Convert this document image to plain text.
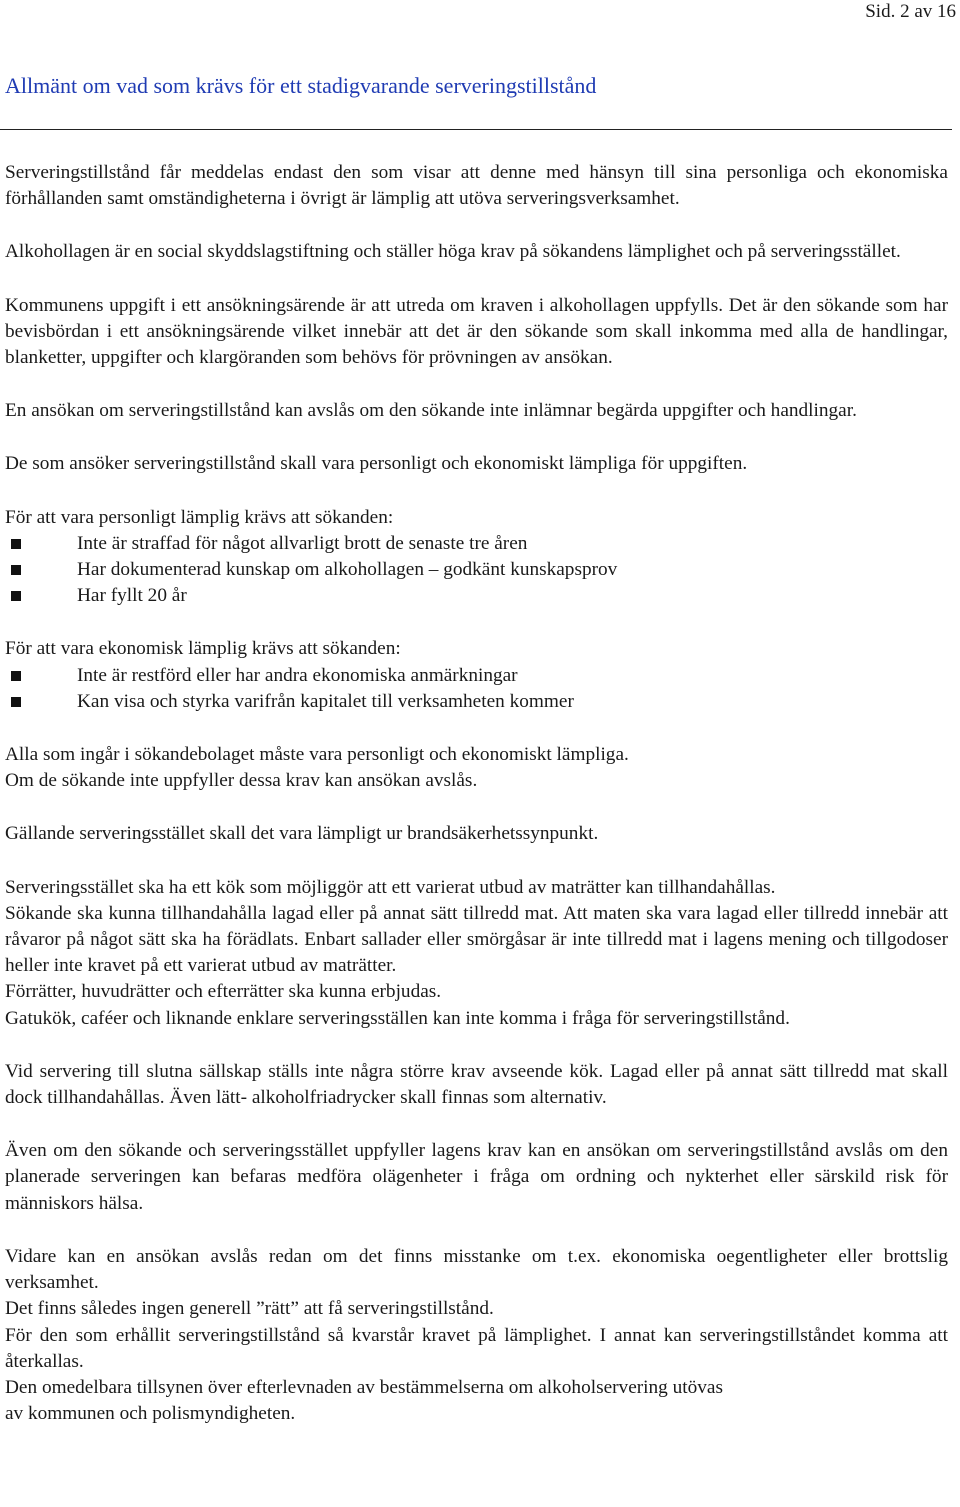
Sid. 2 av 16
Allmänt om vad som krävs för ett stadigvarande serveringstillstånd

Serveringstillstånd får meddelas endast den som visar att denne med hänsyn till sina personliga och ekonomiska förhållanden samt omständigheterna i övrigt är lämplig att utöva serveringsverksamhet.

Alkohollagen är en social skyddslagstiftning och ställer höga krav på sökandens lämplighet och på serveringsstället.

Kommunens uppgift i ett ansökningsärende är att utreda om kraven i alkohollagen uppfylls. Det är den sökande som har bevisbördan i ett ansökningsärende vilket innebär att det är den sökande som skall inkomma med alla de handlingar, blanketter, uppgifter och klargöranden som behövs för prövningen av ansökan.

En ansökan om serveringstillstånd kan avslås om den sökande inte inlämnar begärda uppgifter och handlingar.

De som ansöker serveringstillstånd skall vara personligt och ekonomiskt lämpliga för uppgiften.

För att vara personligt lämplig krävs att sökanden:

Inte är straffad för något allvarligt brott de senaste tre åren
Har dokumenterad kunskap om alkohollagen – godkänt kunskapsprov
Har fyllt 20 år

För att vara ekonomisk lämplig krävs att sökanden:

Inte är restförd eller har andra ekonomiska anmärkningar
Kan visa och styrka varifrån kapitalet till verksamheten kommer

Alla som ingår i sökandebolaget måste vara personligt och ekonomiskt lämpliga.

Om de sökande inte uppfyller dessa krav kan ansökan avslås.

Gällande serveringsstället skall det vara lämpligt ur brandsäkerhetssynpunkt.

Serveringsstället ska ha ett kök som möjliggör att ett varierat utbud av maträtter kan tillhandahållas.

Sökande ska kunna tillhandahålla lagad eller på annat sätt tillredd mat. Att maten ska vara lagad eller tillredd innebär att råvaror på något sätt ska ha förädlats. Enbart sallader eller smörgåsar är inte tillredd mat i lagens mening och tillgodoser heller inte kravet på ett varierat utbud av maträtter.

Förrätter, huvudrätter och efterrätter ska kunna erbjudas.

Gatukök, caféer och liknande enklare serveringsställen kan inte komma i fråga för serveringstillstånd.

Vid servering till slutna sällskap ställs inte några större krav avseende kök. Lagad eller på annat sätt tillredd mat skall dock tillhandahållas. Även lätt- alkoholfriadrycker skall finnas som alternativ.

Även om den sökande och serveringsstället uppfyller lagens krav kan en ansökan om serveringstillstånd avslås om den planerade serveringen kan befaras medföra olägenheter i fråga om ordning och nykterhet eller särskild risk för människors hälsa.

Vidare kan en ansökan avslås redan om det finns misstanke om t.ex. ekonomiska oegentligheter eller brottslig verksamhet.

Det finns således ingen generell ”rätt” att få serveringstillstånd.

För den som erhållit serveringstillstånd så kvarstår kravet på lämplighet. I annat kan serveringstillståndet komma att återkallas.

Den omedelbara tillsynen över efterlevnaden av bestämmelserna om alkoholservering utövas
av kommunen och polismyndigheten.
